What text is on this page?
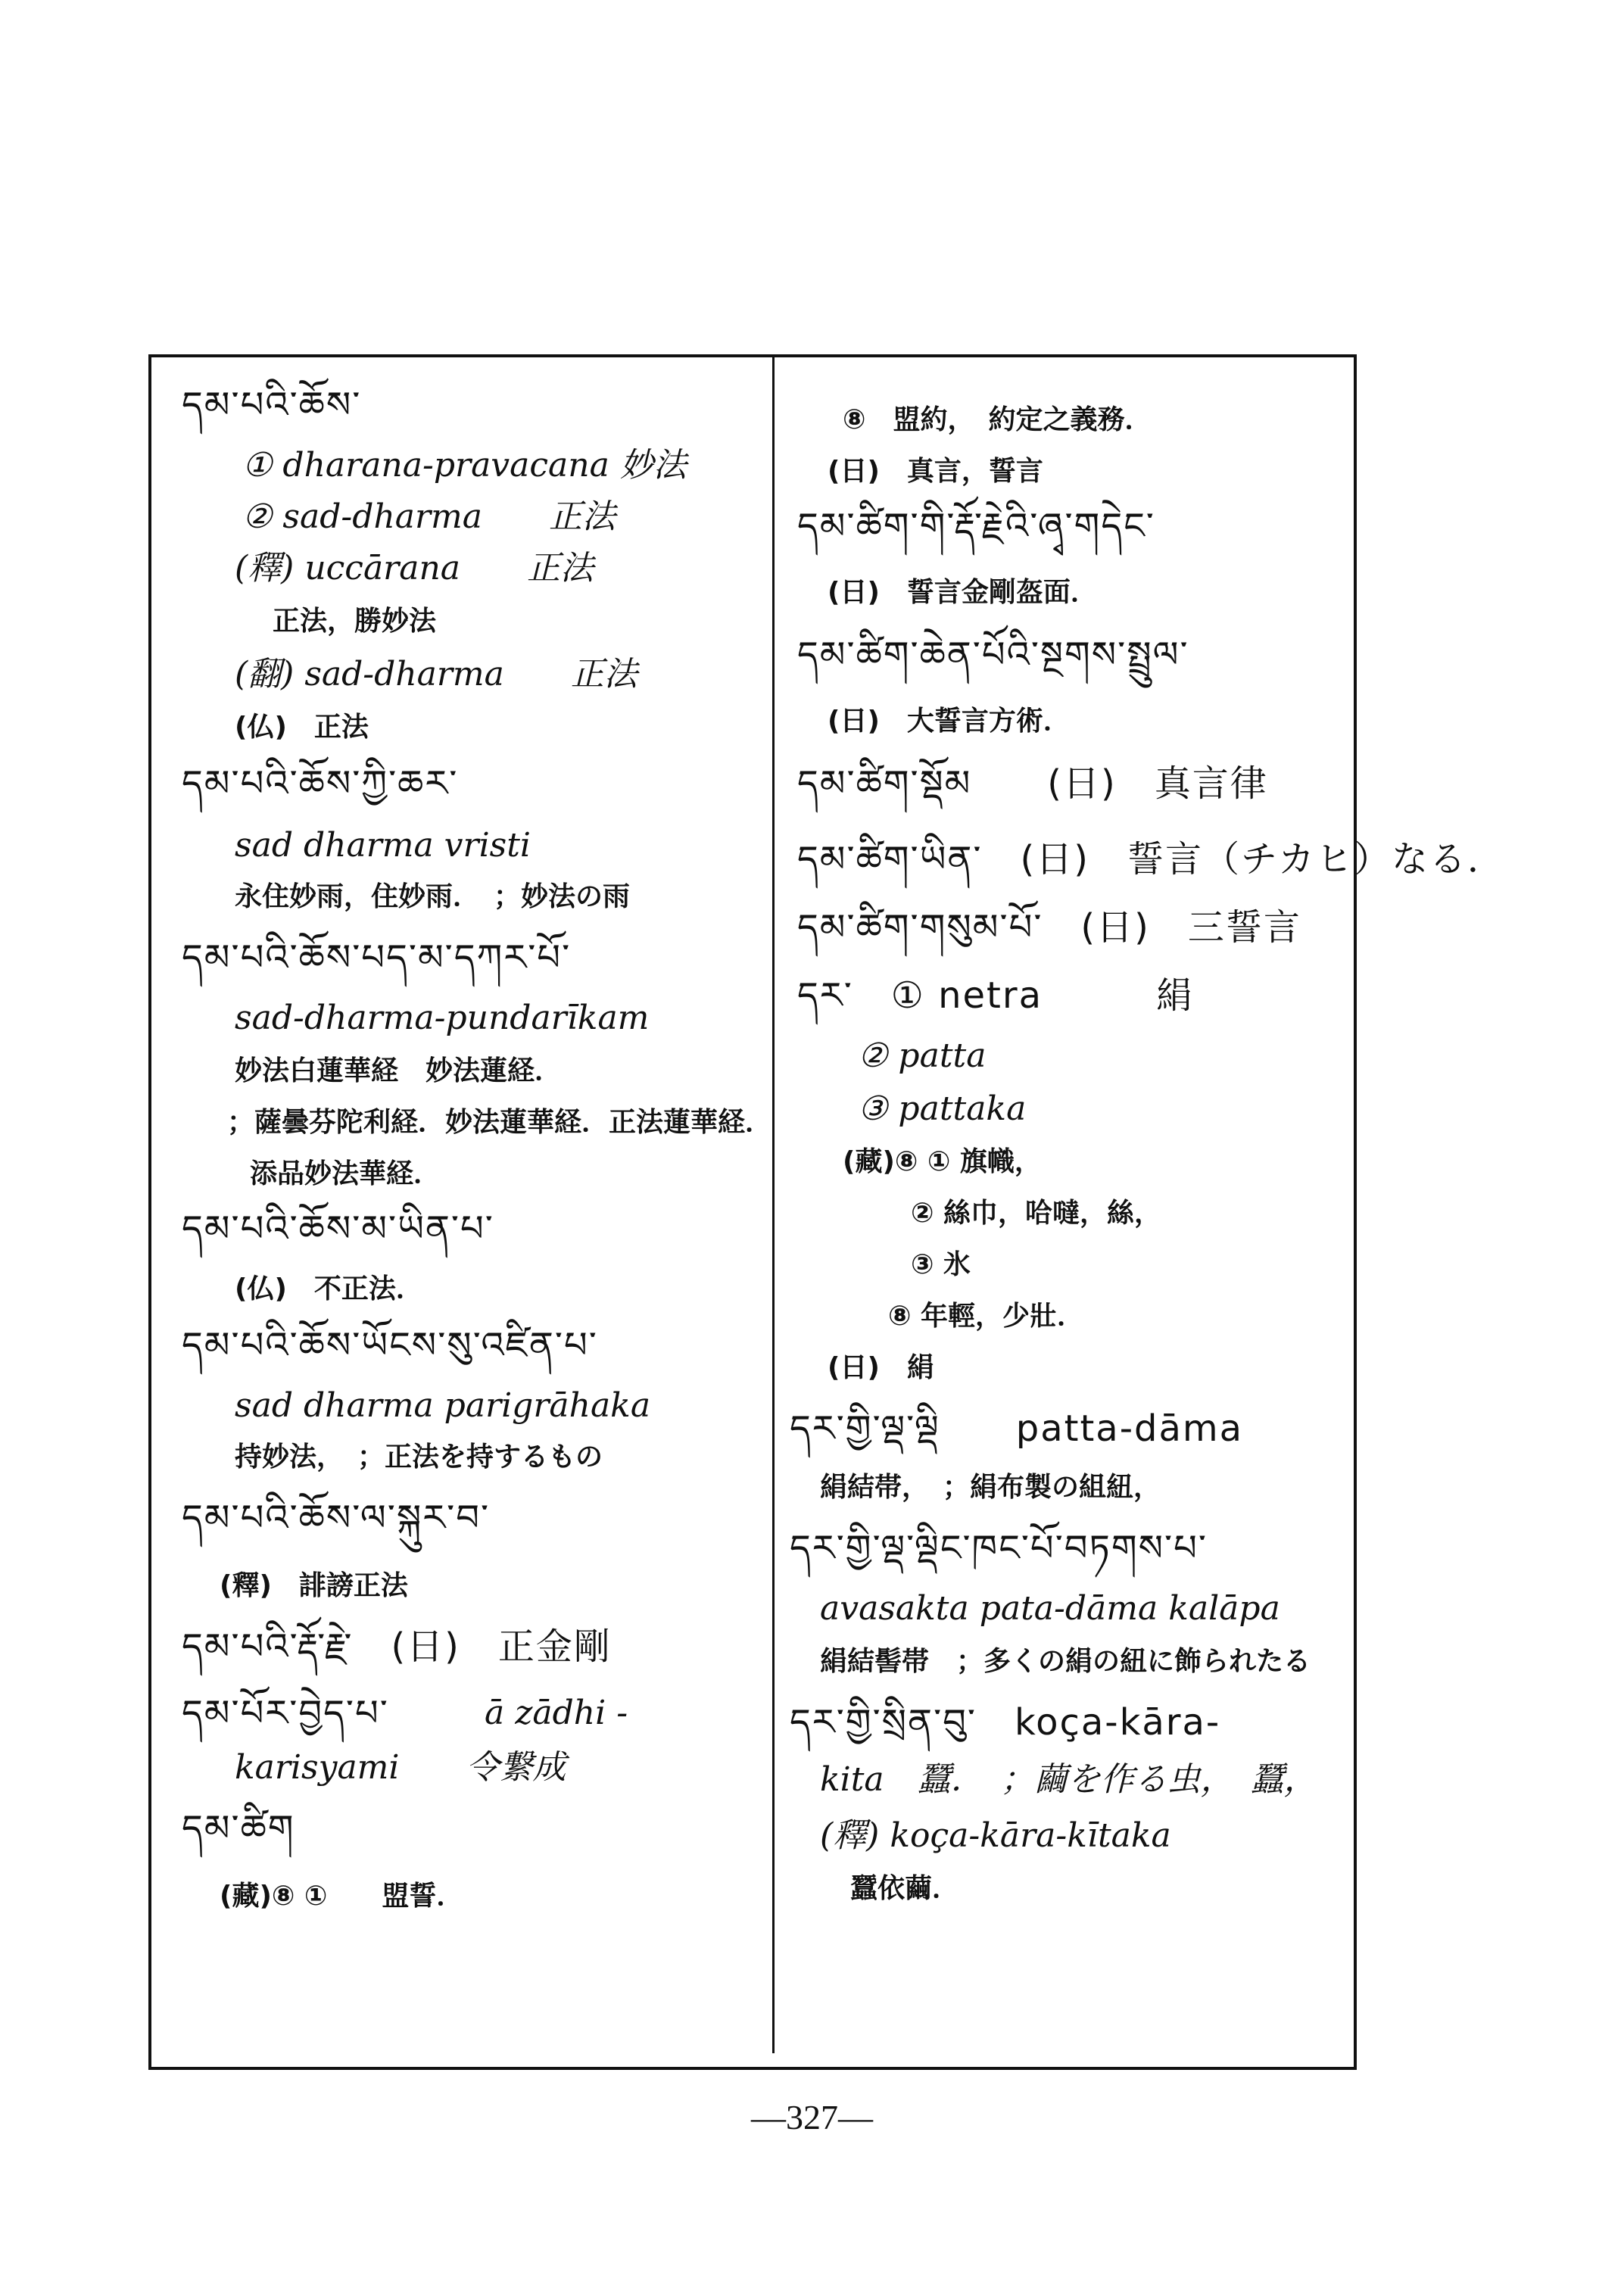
དམ་པའི་ཆོས་
① dharana-pravacana 妙法
② sad-dharma　　正法
(釋) uccārana　　正法
正法，勝妙法
(翻) sad-dharma　　正法
(仏)　正法
དམ་པའི་ཆོས་ཀྱི་ཆར་
sad dharma vristi
永住妙雨，住妙雨．　；妙法の雨
དམ་པའི་ཆོས་པད་མ་དཀར་པོ་
sad-dharma-pundarīkam
妙法白蓮華経　妙法蓮経．
；薩曇芬陀利経．妙法蓮華経．正法蓮華経．
添品妙法華経．
དམ་པའི་ཆོས་མ་ཡིན་པ་
(仏)　不正法．
དམ་པའི་ཆོས་ཡོངས་སུ་འཛིན་པ་
sad dharma parigrāhaka
持妙法，　；正法を持するもの
དམ་པའི་ཆོས་ལ་སྐུར་བ་
(釋)　誹謗正法
དམ་པའི་རྡོ་རྗེ་　(日)　正金剛
དམ་པོར་བྱེད་པ་	ā zādhi -
karisyami　　令繋成
དམ་ཚིག
(藏)⑧ ①　　盟誓．
⑧　盟約，　約定之義務．
(日)　真言，誓言
དམ་ཚིག་གི་རྡོ་རྗེའི་ཞྭ་གདེང་
(日)　誓言金剛盔面．
དམ་ཚིག་ཆེན་པོའི་སྔགས་སྤྲུལ་
(日)　大誓言方術．
དམ་ཚིག་སྡོམ　　(日)　真言律
དམ་ཚིག་ཡིན་　(日)　誓言（チカヒ）なる．
དམ་ཚིག་གསུམ་པོ་　(日)　三誓言
དར་　① netra　　　絹
② patta
③ pattaka
(藏)⑧ ① 旗幟，
② 絲巾，哈噠，絲，
③ 氷
⑧ 年輕，少壯．
(日)　絹
དར་གྱི་ལྡ་ལྡི　　patta-dāma
絹結帯，　；絹布製の組紐，
དར་གྱི་ལྡ་ལྡིང་ཁང་པོ་བཏགས་པ་
avasakta pata-dāma kalāpa
絹結髻帯　；多くの絹の紐に飾られたる
དར་གྱི་སྲིན་བུ་　koça-kāra-
kita　蠶．　；繭を作る虫，　蠶，
(釋) koça-kāra-kītaka
蠶依繭．
—327—
